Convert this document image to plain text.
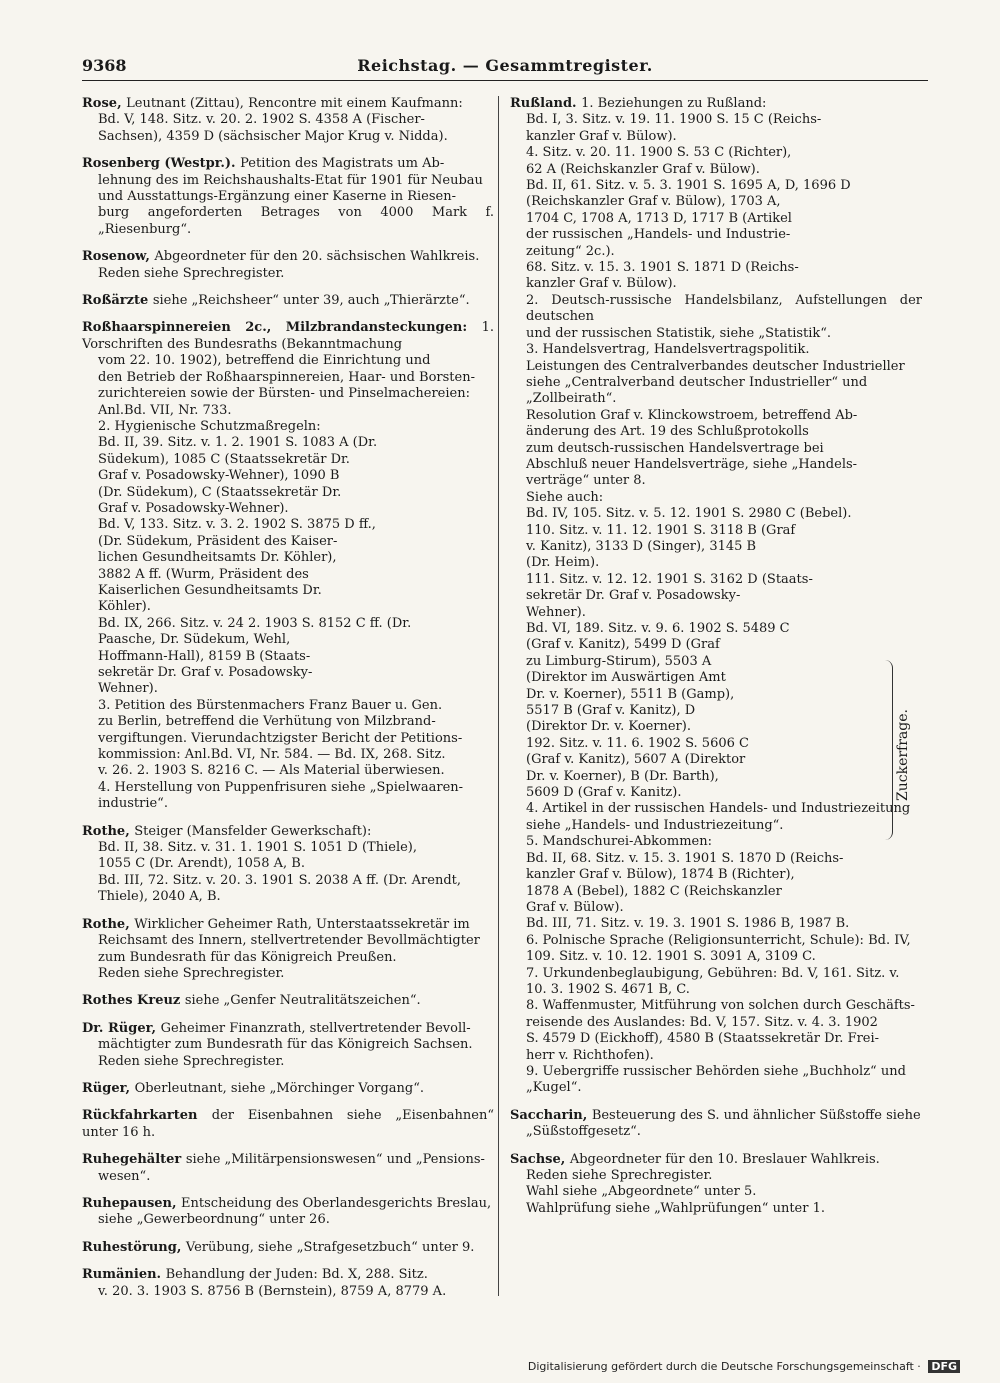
9368	Reichstag. — Gesammtregister.
Rose, Leutnant (Zittau), Rencontre mit einem Kaufmann:
Bd. V, 148. Sitz. v. 20. 2. 1902 S. 4358 A (Fischer-
Sachsen), 4359 D (sächsischer Major Krug v. Nidda).
Rosenberg (Westpr.). Petition des Magistrats um Ab-
lehnung des im Reichshaushalts-Etat für 1901 für Neubau
und Ausstattungs-Ergänzung einer Kaserne in Riesen-
burg angeforderten Betrages von 4000 Mark f. „Riesenburg“.
Rosenow, Abgeordneter für den 20. sächsischen Wahlkreis.
Reden siehe Sprechregister.
Roßärzte siehe „Reichsheer“ unter 39, auch „Thierärzte“.
Roßhaarspinnereien 2c., Milzbrandansteckungen: 1. Vorschriften des Bundesraths (Bekanntmachung
vom 22. 10. 1902), betreffend die Einrichtung und
den Betrieb der Roßhaarspinnereien, Haar- und Borsten-
zurichtereien sowie der Bürsten- und Pinselmachereien:
Anl.Bd. VII, Nr. 733.
2. Hygienische Schutzmaßregeln:
Bd. II, 39. Sitz. v. 1. 2. 1901 S. 1083 A (Dr.
Südekum), 1085 C (Staatssekretär Dr.
Graf v. Posadowsky-Wehner), 1090 B
(Dr. Südekum), C (Staatssekretär Dr.
Graf v. Posadowsky-Wehner).
Bd. V, 133. Sitz. v. 3. 2. 1902 S. 3875 D ff.,
(Dr. Südekum, Präsident des Kaiser-
lichen Gesundheitsamts Dr. Köhler),
3882 A ff. (Wurm, Präsident des
Kaiserlichen Gesundheitsamts Dr.
Köhler).
Bd. IX, 266. Sitz. v. 24 2. 1903 S. 8152 C ff. (Dr.
Paasche, Dr. Südekum, Wehl,
Hoffmann-Hall), 8159 B (Staats-
sekretär Dr. Graf v. Posadowsky-
Wehner).
3. Petition des Bürstenmachers Franz Bauer u. Gen.
zu Berlin, betreffend die Verhütung von Milzbrand-
vergiftungen. Vierundachtzigster Bericht der Petitions-
kommission: Anl.Bd. VI, Nr. 584. — Bd. IX, 268. Sitz.
v. 26. 2. 1903 S. 8216 C. — Als Material überwiesen.
4. Herstellung von Puppenfrisuren siehe „Spielwaaren-
industrie“.
Rothe, Steiger (Mansfelder Gewerkschaft):
Bd. II, 38. Sitz. v. 31. 1. 1901 S. 1051 D (Thiele),
1055 C (Dr. Arendt), 1058 A, B.
Bd. III, 72. Sitz. v. 20. 3. 1901 S. 2038 A ff. (Dr. Arendt,
Thiele), 2040 A, B.
Rothe, Wirklicher Geheimer Rath, Unterstaatssekretär im
Reichsamt des Innern, stellvertretender Bevollmächtigter
zum Bundesrath für das Königreich Preußen.
Reden siehe Sprechregister.
Rothes Kreuz siehe „Genfer Neutralitätszeichen“.
Dr. Rüger, Geheimer Finanzrath, stellvertretender Bevoll-
mächtigter zum Bundesrath für das Königreich Sachsen.
Reden siehe Sprechregister.
Rüger, Oberleutnant, siehe „Mörchinger Vorgang“.
Rückfahrkarten der Eisenbahnen siehe „Eisenbahnen“ unter 16 h.
Ruhegehälter siehe „Militärpensionswesen“ und „Pensions-
wesen“.
Ruhepausen, Entscheidung des Oberlandesgerichts Breslau,
siehe „Gewerbeordnung“ unter 26.
Ruhestörung, Verübung, siehe „Strafgesetzbuch“ unter 9.
Rumänien. Behandlung der Juden: Bd. X, 288. Sitz.
v. 20. 3. 1903 S. 8756 B (Bernstein), 8759 A, 8779 A.
Rußland. 1. Beziehungen zu Rußland:
Bd. I, 3. Sitz. v. 19. 11. 1900 S. 15 C (Reichs-
kanzler Graf v. Bülow).
4. Sitz. v. 20. 11. 1900 S. 53 C (Richter),
62 A (Reichskanzler Graf v. Bülow).
Bd. II, 61. Sitz. v. 5. 3. 1901 S. 1695 A, D, 1696 D
(Reichskanzler Graf v. Bülow), 1703 A,
1704 C, 1708 A, 1713 D, 1717 B (Artikel
der russischen „Handels- und Industrie-
zeitung“ 2c.).
68. Sitz. v. 15. 3. 1901 S. 1871 D (Reichs-
kanzler Graf v. Bülow).
2. Deutsch-russische Handelsbilanz, Aufstellungen der deutschen
und der russischen Statistik, siehe „Statistik“.
3. Handelsvertrag, Handelsvertragspolitik.
Leistungen des Centralverbandes deutscher Industrieller
siehe „Centralverband deutscher Industrieller“ und
„Zollbeirath“.
Resolution Graf v. Klinckowstroem, betreffend Ab-
änderung des Art. 19 des Schlußprotokolls
zum deutsch-russischen Handelsvertrage bei
Abschluß neuer Handelsverträge, siehe „Handels-
verträge“ unter 8.
Siehe auch:
Bd. IV, 105. Sitz. v. 5. 12. 1901 S. 2980 C (Bebel).
110. Sitz. v. 11. 12. 1901 S. 3118 B (Graf
v. Kanitz), 3133 D (Singer), 3145 B
(Dr. Heim).
111. Sitz. v. 12. 12. 1901 S. 3162 D (Staats-
sekretär Dr. Graf v. Posadowsky-
Wehner).
Bd. VI, 189. Sitz. v. 9. 6. 1902 S. 5489 C
(Graf v. Kanitz), 5499 D (Graf
zu Limburg-Stirum), 5503 A
(Direktor im Auswärtigen Amt
Dr. v. Koerner), 5511 B (Gamp),
5517 B (Graf v. Kanitz), D
(Direktor Dr. v. Koerner).
192. Sitz. v. 11. 6. 1902 S. 5606 C
(Graf v. Kanitz), 5607 A (Direktor
Dr. v. Koerner), B (Dr. Barth),
5609 D (Graf v. Kanitz).
4. Artikel in der russischen Handels- und Industriezeitung
siehe „Handels- und Industriezeitung“.
5. Mandschurei-Abkommen:
Bd. II, 68. Sitz. v. 15. 3. 1901 S. 1870 D (Reichs-
kanzler Graf v. Bülow), 1874 B (Richter),
1878 A (Bebel), 1882 C (Reichskanzler
Graf v. Bülow).
Bd. III, 71. Sitz. v. 19. 3. 1901 S. 1986 B, 1987 B.
6. Polnische Sprache (Religionsunterricht, Schule): Bd. IV,
109. Sitz. v. 10. 12. 1901 S. 3091 A, 3109 C.
7. Urkundenbeglaubigung, Gebühren: Bd. V, 161. Sitz. v.
10. 3. 1902 S. 4671 B, C.
8. Waffenmuster, Mitführung von solchen durch Geschäfts-
reisende des Auslandes: Bd. V, 157. Sitz. v. 4. 3. 1902
S. 4579 D (Eickhoff), 4580 B (Staatssekretär Dr. Frei-
herr v. Richthofen).
9. Uebergriffe russischer Behörden siehe „Buchholz“ und
„Kugel“.
Saccharin, Besteuerung des S. und ähnlicher Süßstoffe siehe
„Süßstoffgesetz“.
Sachse, Abgeordneter für den 10. Breslauer Wahlkreis.
Reden siehe Sprechregister.
Wahl siehe „Abgeordnete“ unter 5.
Wahlprüfung siehe „Wahlprüfungen“ unter 1.
Zuckerfrage.
Digitalisierung gefördert durch die Deutsche Forschungsgemeinschaft · DFG
